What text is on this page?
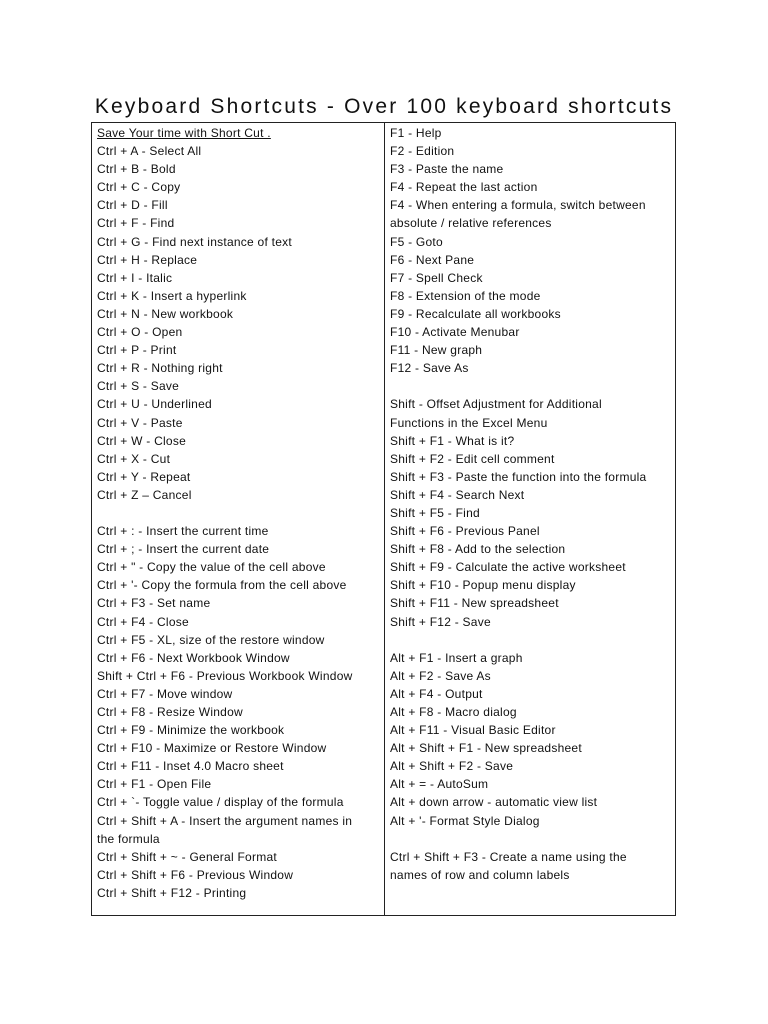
Keyboard Shortcuts - Over 100 keyboard shortcuts
Save Your time with Short Cut .
Ctrl + A - Select All
Ctrl + B - Bold
Ctrl + C - Copy
Ctrl + D - Fill
Ctrl + F - Find
Ctrl + G - Find next instance of text
Ctrl + H - Replace
Ctrl + I - Italic
Ctrl + K - Insert a hyperlink
Ctrl + N - New workbook
Ctrl + O - Open
Ctrl + P - Print
Ctrl + R - Nothing right
Ctrl + S - Save
Ctrl + U - Underlined
Ctrl + V - Paste
Ctrl + W - Close
Ctrl + X - Cut
Ctrl + Y - Repeat
Ctrl + Z – Cancel
Ctrl + : - Insert the current time
Ctrl + ; - Insert the current date
Ctrl + " - Copy the value of the cell above
Ctrl + '- Copy the formula from the cell above
Ctrl + F3 - Set name
Ctrl + F4 - Close
Ctrl + F5 - XL, size of the restore window
Ctrl + F6 - Next Workbook Window
Shift + Ctrl + F6 - Previous Workbook Window
Ctrl + F7 - Move window
Ctrl + F8 - Resize Window
Ctrl + F9 - Minimize the workbook
Ctrl + F10 - Maximize or Restore Window
Ctrl + F11 - Inset 4.0 Macro sheet
Ctrl + F1 - Open File
Ctrl + `- Toggle value / display of the formula
Ctrl + Shift + A - Insert the argument names in
the formula
Ctrl + Shift + ~ - General Format
Ctrl + Shift + F6 - Previous Window
Ctrl + Shift + F12 - Printing
F1 - Help
F2 - Edition
F3 - Paste the name
F4 - Repeat the last action
F4 - When entering a formula, switch between
absolute / relative references
F5 - Goto
F6 - Next Pane
F7 - Spell Check
F8 - Extension of the mode
F9 - Recalculate all workbooks
F10 - Activate Menubar
F11 - New graph
F12 - Save As
Shift - Offset Adjustment for Additional
Functions in the Excel Menu
Shift + F1 - What is it?
Shift + F2 - Edit cell comment
Shift + F3 - Paste the function into the formula
Shift + F4 - Search Next
Shift + F5 - Find
Shift + F6 - Previous Panel
Shift + F8 - Add to the selection
Shift + F9 - Calculate the active worksheet
Shift + F10 - Popup menu display
Shift + F11 - New spreadsheet
Shift + F12 - Save
Alt + F1 - Insert a graph
Alt + F2 - Save As
Alt + F4 - Output
Alt + F8 - Macro dialog
Alt + F11 - Visual Basic Editor
Alt + Shift + F1 - New spreadsheet
Alt + Shift + F2 - Save
Alt + = - AutoSum
Alt + down arrow - automatic view list
Alt + '- Format Style Dialog
Ctrl + Shift + F3 - Create a name using the
names of row and column labels
